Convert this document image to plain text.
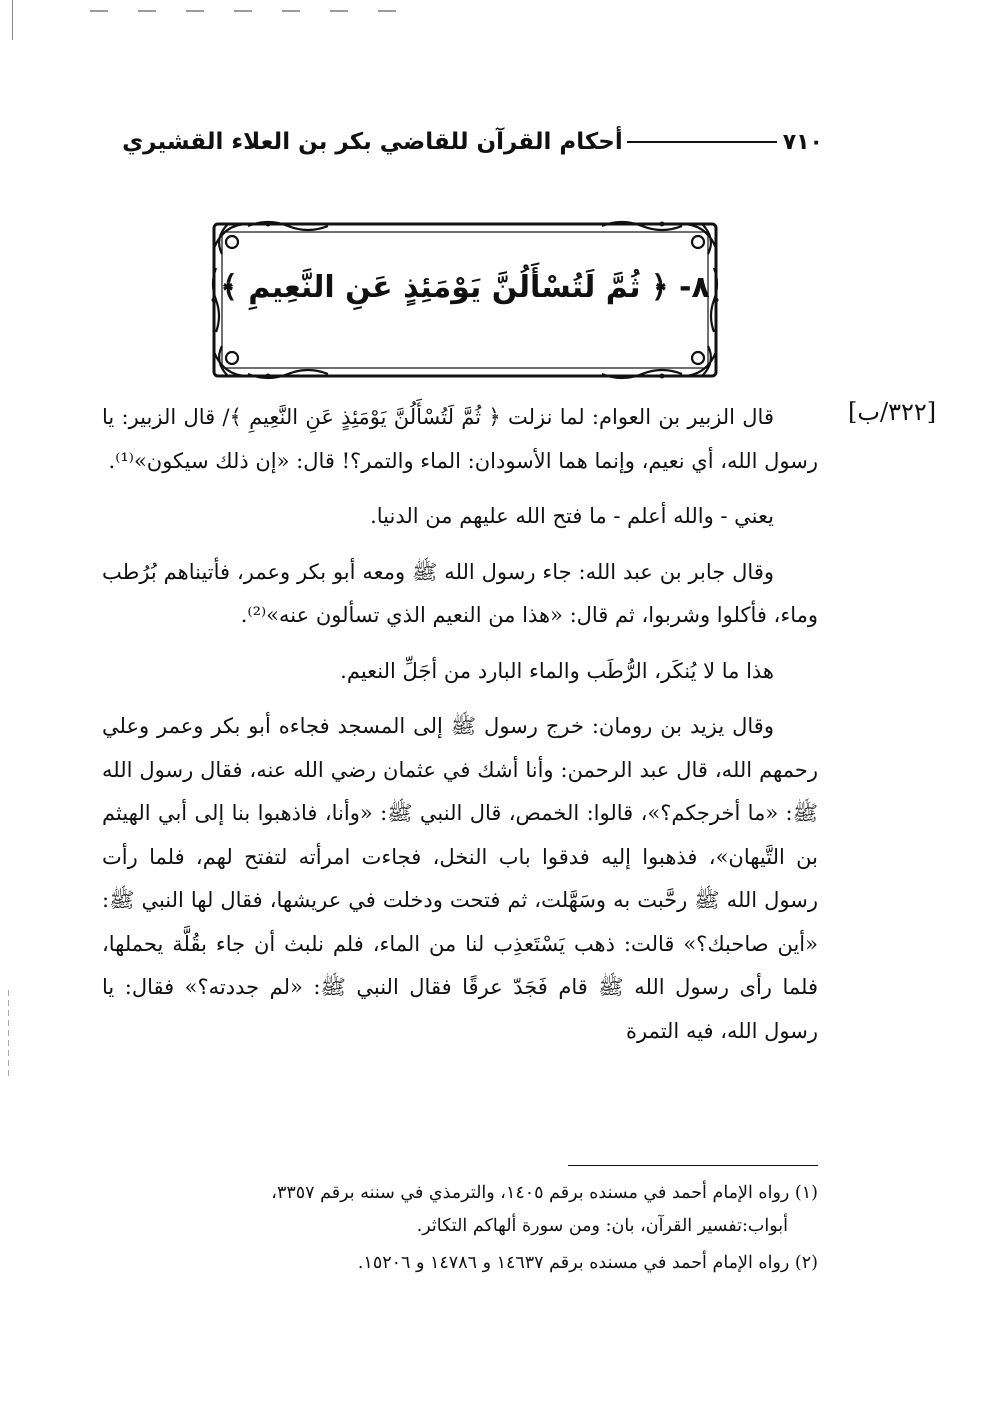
٧١٠
أحكام القرآن للقاضي بكر بن العلاء القشيري
٨- ﴿ ثُمَّ لَتُسْأَلُنَّ يَوْمَئِذٍ عَنِ النَّعِيمِ ﴾
[٣٢٢/ب]

قال الزبير بن العوام: لما نزلت ﴿ ثُمَّ لَتُسْأَلُنَّ يَوْمَئِذٍ عَنِ النَّعِيمِ ﴾/ قال الزبير: يا رسول الله، أي نعيم، وإنما هما الأسودان: الماء والتمر؟! قال: «إن ذلك سيكون»⁽¹⁾.

يعني - والله أعلم - ما فتح الله عليهم من الدنيا.

وقال جابر بن عبد الله: جاء رسول الله ﷺ ومعه أبو بكر وعمر، فأتيناهم بُرُطب وماء، فأكلوا وشربوا، ثم قال: «هذا من النعيم الذي تسألون عنه»⁽²⁾.

هذا ما لا يُنكَر، الرُّطَب والماء البارد من أجَلِّ النعيم.

وقال يزيد بن رومان: خرج رسول ﷺ إلى المسجد فجاءه أبو بكر وعمر وعلي رحمهم الله، قال عبد الرحمن: وأنا أشك في عثمان رضي الله عنه، فقال رسول الله ﷺ: «ما أخرجكم؟»، قالوا: الخمص، قال النبي ﷺ: «وأنا، فاذهبوا بنا إلى أبي الهيثم بن التَّيهان»، فذهبوا إليه فدقوا باب النخل، فجاءت امرأته لتفتح لهم، فلما رأت رسول الله ﷺ رحَّبت به وسَهَّلت، ثم فتحت ودخلت في عريشها، فقال لها النبي ﷺ: «أين صاحبك؟» قالت: ذهب يَسْتَعذِب لنا من الماء، فلم نلبث أن جاء بقُلَّة يحملها، فلما رأى رسول الله ﷺ قام فَجَدّ عرقًا فقال النبي ﷺ: «لم جددته؟» فقال: يا رسول الله، فيه التمرة

(١) رواه الإمام أحمد في مسنده برقم ١٤٠٥، والترمذي في سننه برقم ٣٣٥٧،
أبواب:تفسير القرآن، بان: ومن سورة ألهاكم التكاثر.

(٢) رواه الإمام أحمد في مسنده برقم ١٤٦٣٧ و ١٤٧٨٦ و ١٥٢٠٦.
